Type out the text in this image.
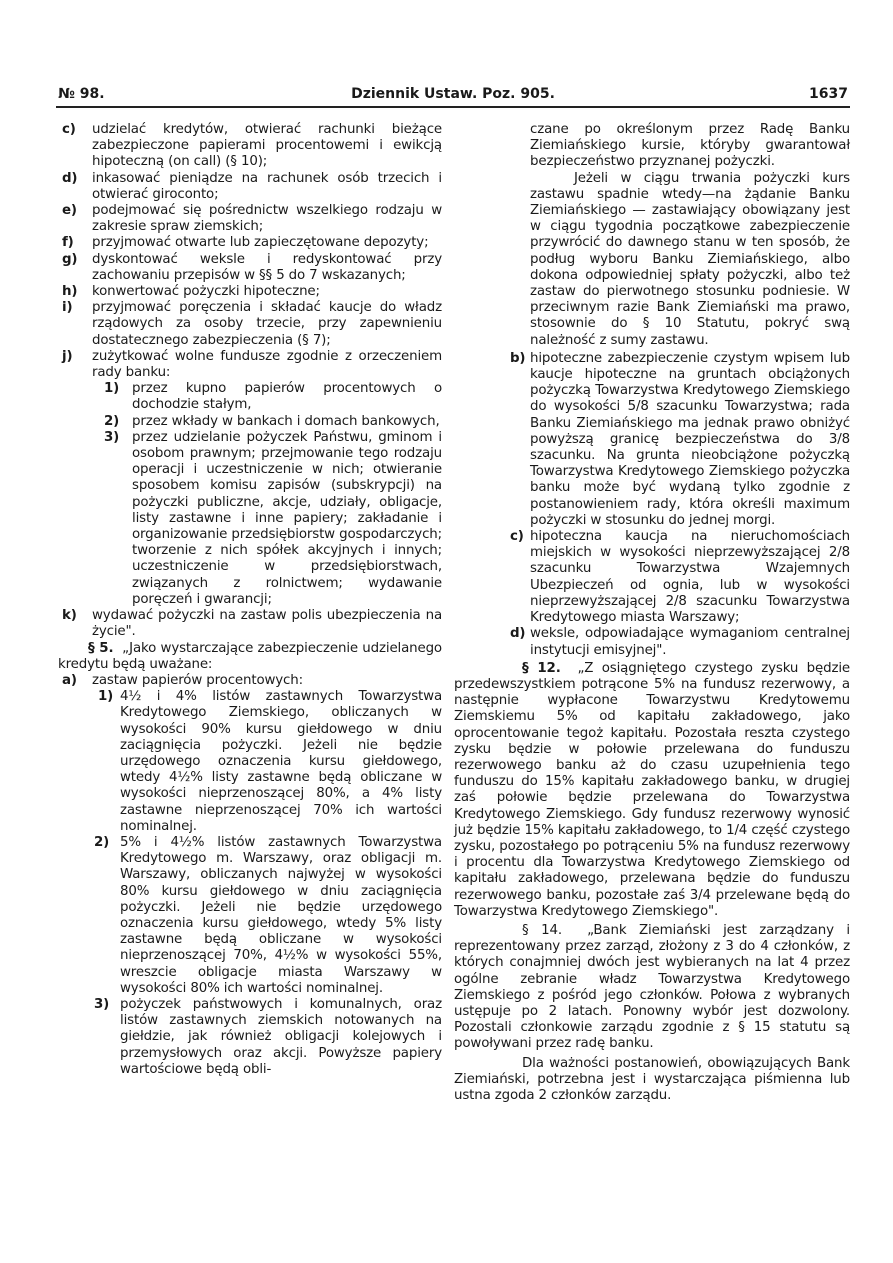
№ 98.	Dziennik Ustaw. Poz. 905.	1637
c) udzielać kredytów, otwierać rachunki bieżące zabezpieczone papierami procentowemi i ewikcją hipoteczną (on call) (§ 10);
d) inkasować pieniądze na rachunek osób trzecich i otwierać giroconto;
e) podejmować się pośrednictw wszelkiego rodzaju w zakresie spraw ziemskich;
f) przyjmować otwarte lub zapieczętowane depozyty;
g) dyskontować weksle i redyskontować przy zachowaniu przepisów w §§ 5 do 7 wskazanych;
h) konwertować pożyczki hipoteczne;
i) przyjmować poręczenia i składać kaucje do władz rządowych za osoby trzecie, przy zapewnieniu dostatecznego zabezpieczenia (§ 7);
j) zużytkować wolne fundusze zgodnie z orzeczeniem rady banku:
1) przez kupno papierów procentowych o dochodzie stałym,
2) przez wkłady w bankach i domach bankowych,
3) przez udzielanie pożyczek Państwu, gminom i osobom prawnym; przejmowanie tego rodzaju operacji i uczestniczenie w nich; otwieranie sposobem komisu zapisów (subskrypcji) na pożyczki publiczne, akcje, udziały, obligacje, listy zastawne i inne papiery; zakładanie i organizowanie przedsiębiorstw gospodarczych; tworzenie z nich spółek akcyjnych i innych; uczestniczenie w przedsiębiorstwach, związanych z rolnictwem; wydawanie poręczeń i gwarancji;
k) wydawać pożyczki na zastaw polis ubezpieczenia na życie".

§ 5. „Jako wystarczające zabezpieczenie udzielanego kredytu będą uważane:

a) zastaw papierów procentowych:
1) 4½ i 4% listów zastawnych Towarzystwa Kredytowego Ziemskiego, obliczanych w wysokości 90% kursu giełdowego w dniu zaciągnięcia pożyczki. Jeżeli nie będzie urzędowego oznaczenia kursu giełdowego, wtedy 4½% listy zastawne będą obliczane w wysokości nieprzenoszącej 80%, a 4% listy zastawne nieprzenoszącej 70% ich wartości nominalnej.
2) 5% i 4½% listów zastawnych Towarzystwa Kredytowego m. Warszawy, oraz obligacji m. Warszawy, obliczanych najwyżej w wysokości 80% kursu giełdowego w dniu zaciągnięcia pożyczki. Jeżeli nie będzie urzędowego oznaczenia kursu giełdowego, wtedy 5% listy zastawne będą obliczane w wysokości nieprzenoszącej 70%, 4½% w wysokości 55%, wreszcie obligacje miasta Warszawy w wysokości 80% ich wartości nominalnej.
3) pożyczek państwowych i komunalnych, oraz listów zastawnych ziemskich notowanych na giełdzie, jak również obligacji kolejowych i przemysłowych oraz akcji. Powyższe papiery wartościowe będą obli-

czane po określonym przez Radę Banku Ziemiańskiego kursie, któryby gwarantował bezpieczeństwo przyznanej pożyczki.

Jeżeli w ciągu trwania pożyczki kurs zastawu spadnie wtedy—na żądanie Banku Ziemiańskiego — zastawiający obowiązany jest w ciągu tygodnia początkowe zabezpieczenie przywrócić do dawnego stanu w ten sposób, że podług wyboru Banku Ziemiańskiego, albo dokona odpowiedniej spłaty pożyczki, albo też zastaw do pierwotnego stosunku podniesie. W przeciwnym razie Bank Ziemiański ma prawo, stosownie do § 10 Statutu, pokryć swą należność z sumy zastawu.

b) hipoteczne zabezpieczenie czystym wpisem lub kaucje hipoteczne na gruntach obciążonych pożyczką Towarzystwa Kredytowego Ziemskiego do wysokości 5/8 szacunku Towarzystwa; rada Banku Ziemiańskiego ma jednak prawo obniżyć powyższą granicę bezpieczeństwa do 3/8 szacunku. Na grunta nieobciążone pożyczką Towarzystwa Kredytowego Ziemskiego pożyczka banku może być wydaną tylko zgodnie z postanowieniem rady, która określi maximum pożyczki w stosunku do jednej morgi.
c) hipoteczna kaucja na nieruchomościach miejskich w wysokości nieprzewyższającej 2/8 szacunku Towarzystwa Wzajemnych Ubezpieczeń od ognia, lub w wysokości nieprzewyższającej 2/8 szacunku Towarzystwa Kredytowego miasta Warszawy;
d) weksle, odpowiadające wymaganiom centralnej instytucji emisyjnej".

§ 12. „Z osiągniętego czystego zysku będzie przedewszystkiem potrącone 5% na fundusz rezerwowy, a następnie wypłacone Towarzystwu Kredytowemu Ziemskiemu 5% od kapitału zakładowego, jako oprocentowanie tegoż kapitału. Pozostała reszta czystego zysku będzie w połowie przelewana do funduszu rezerwowego banku aż do czasu uzupełnienia tego funduszu do 15% kapitału zakładowego banku, w drugiej zaś połowie będzie przelewana do Towarzystwa Kredytowego Ziemskiego. Gdy fundusz rezerwowy wynosić już będzie 15% kapitału zakładowego, to 1/4 część czystego zysku, pozostałego po potrąceniu 5% na fundusz rezerwowy i procentu dla Towarzystwa Kredytowego Ziemskiego od kapitału zakładowego, przelewana będzie do funduszu rezerwowego banku, pozostałe zaś 3/4 przelewane będą do Towarzystwa Kredytowego Ziemskiego".

§ 14. „Bank Ziemiański jest zarządzany i reprezentowany przez zarząd, złożony z 3 do 4 członków, z których conajmniej dwóch jest wybieranych na lat 4 przez ogólne zebranie władz Towarzystwa Kredytowego Ziemskiego z pośród jego członków. Połowa z wybranych ustępuje po 2 latach. Ponowny wybór jest dozwolony. Pozostali członkowie zarządu zgodnie z § 15 statutu są powoływani przez radę banku.

Dla ważności postanowień, obowiązujących Bank Ziemiański, potrzebna jest i wystarczająca piśmienna lub ustna zgoda 2 członków zarządu.
